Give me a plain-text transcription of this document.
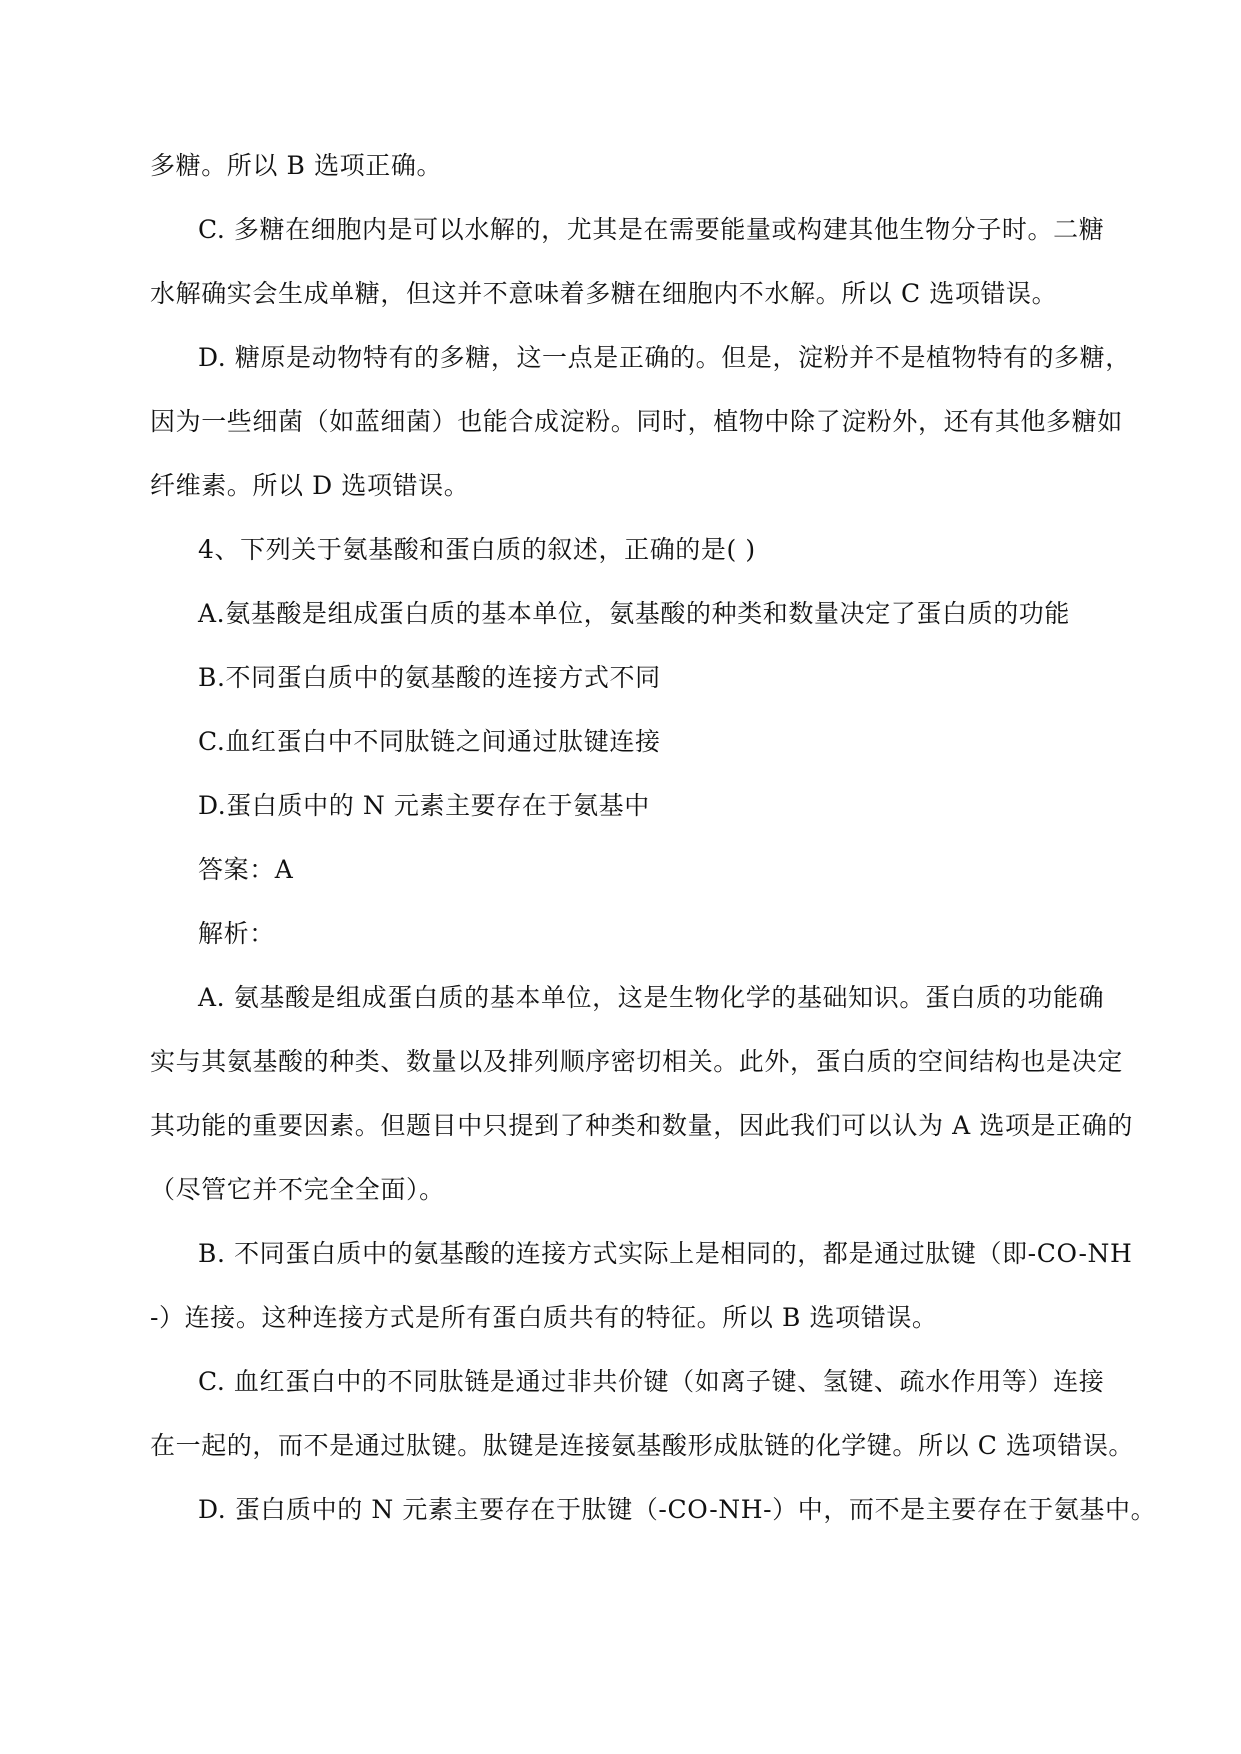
多糖。所以 B 选项正确。
C. 多糖在细胞内是可以水解的，尤其是在需要能量或构建其他生物分子时。二糖
水解确实会生成单糖，但这并不意味着多糖在细胞内不水解。所以 C 选项错误。
D. 糖原是动物特有的多糖，这一点是正确的。但是，淀粉并不是植物特有的多糖，
因为一些细菌（如蓝细菌）也能合成淀粉。同时，植物中除了淀粉外，还有其他多糖如
纤维素。所以 D 选项错误。
4、下列关于氨基酸和蛋白质的叙述，正确的是( )
A.氨基酸是组成蛋白质的基本单位，氨基酸的种类和数量决定了蛋白质的功能
B.不同蛋白质中的氨基酸的连接方式不同
C.血红蛋白中不同肽链之间通过肽键连接
D.蛋白质中的 N 元素主要存在于氨基中
答案：A
解析：
A. 氨基酸是组成蛋白质的基本单位，这是生物化学的基础知识。蛋白质的功能确
实与其氨基酸的种类、数量以及排列顺序密切相关。此外，蛋白质的空间结构也是决定
其功能的重要因素。但题目中只提到了种类和数量，因此我们可以认为 A 选项是正确的
（尽管它并不完全全面）。
B. 不同蛋白质中的氨基酸的连接方式实际上是相同的，都是通过肽键（即-CO-NH
-）连接。这种连接方式是所有蛋白质共有的特征。所以 B 选项错误。
C. 血红蛋白中的不同肽链是通过非共价键（如离子键、氢键、疏水作用等）连接
在一起的，而不是通过肽键。肽键是连接氨基酸形成肽链的化学键。所以 C 选项错误。
D. 蛋白质中的 N 元素主要存在于肽键（-CO-NH-）中，而不是主要存在于氨基中。
